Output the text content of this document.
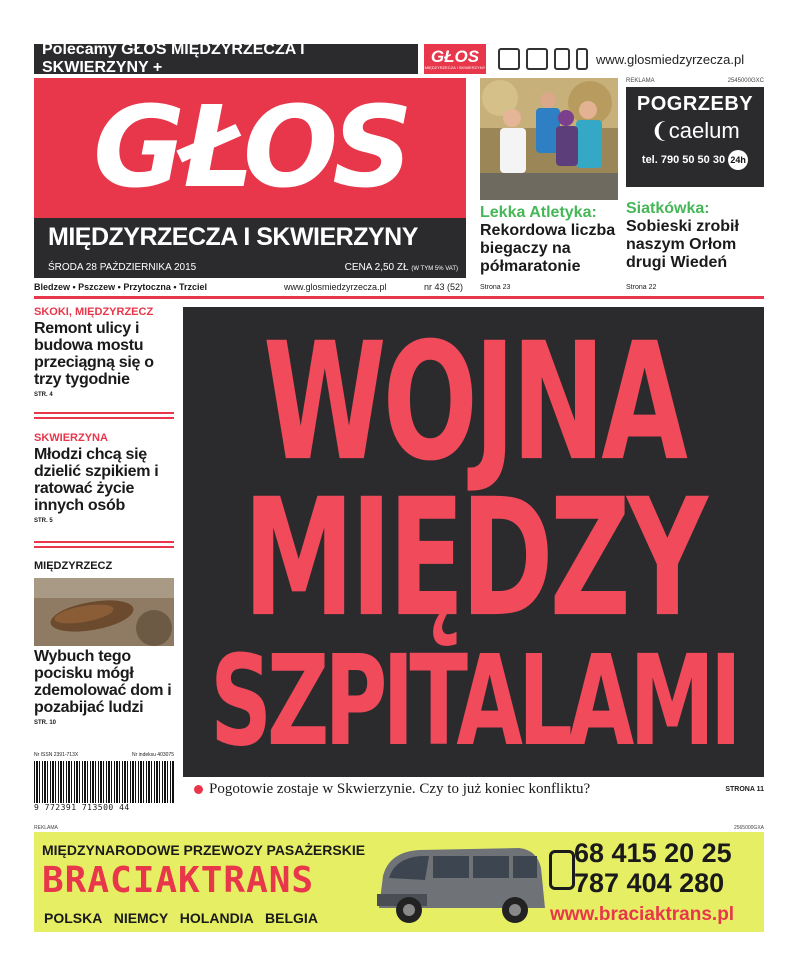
Polecamy GŁOS MIĘDZYRZECZA I SKWIERZYNY +
GŁOS
MIĘDZYRZECZA I SKWIERZYNY
www.glosmiedzyrzecza.pl
GŁOS
MIĘDZYRZECZA I SKWIERZYNY
ŚRODA 28 PAŹDZIERNIKA 2015	CENA 2,50 ZŁ (W TYM 5% VAT)
Lekka Atletyka:
Rekordowa liczba biegaczy na półmaratonie
Siatkówka:
Sobieski zrobił naszym Orłom drugi Wiedeń
REKLAMA	2545000GXC
POGRZEBY
❨caelum
tel. 790 50 50 30 24h
Bledzew • Pszczew • Przytoczna • Trzciel	www.glosmiedzyrzecza.pl	nr 43 (52) Strona 23	Strona 22
SKOKI, MIĘDZYRZECZ
Remont ulicy i budowa mostu przeciągną się o trzy tygodnie
STR. 4
SKWIERZYNA
Młodzi chcą się dzielić szpikiem i ratować życie innych osób
STR. 5
MIĘDZYRZECZ
Wybuch tego pocisku mógł zdemolować dom i pozabijać ludzi
STR. 10
WOJNA
MIĘDZY
SZPITALAMI
Pogotowie zostaje w Skwierzynie. Czy to już koniec konfliktu?	STRONA 11
Nr ISSN 2391-713X	Nr indeksu 403075
9 772391 713500 44
REKLAMA	2565000GXA
MIĘDZYNARODOWE PRZEWOZY PASAŻERSKIE
BRACIAKTRANS
POLSKA NIEMCY HOLANDIA BELGIA
68 415 20 25
787 404 280
www.braciaktrans.pl
